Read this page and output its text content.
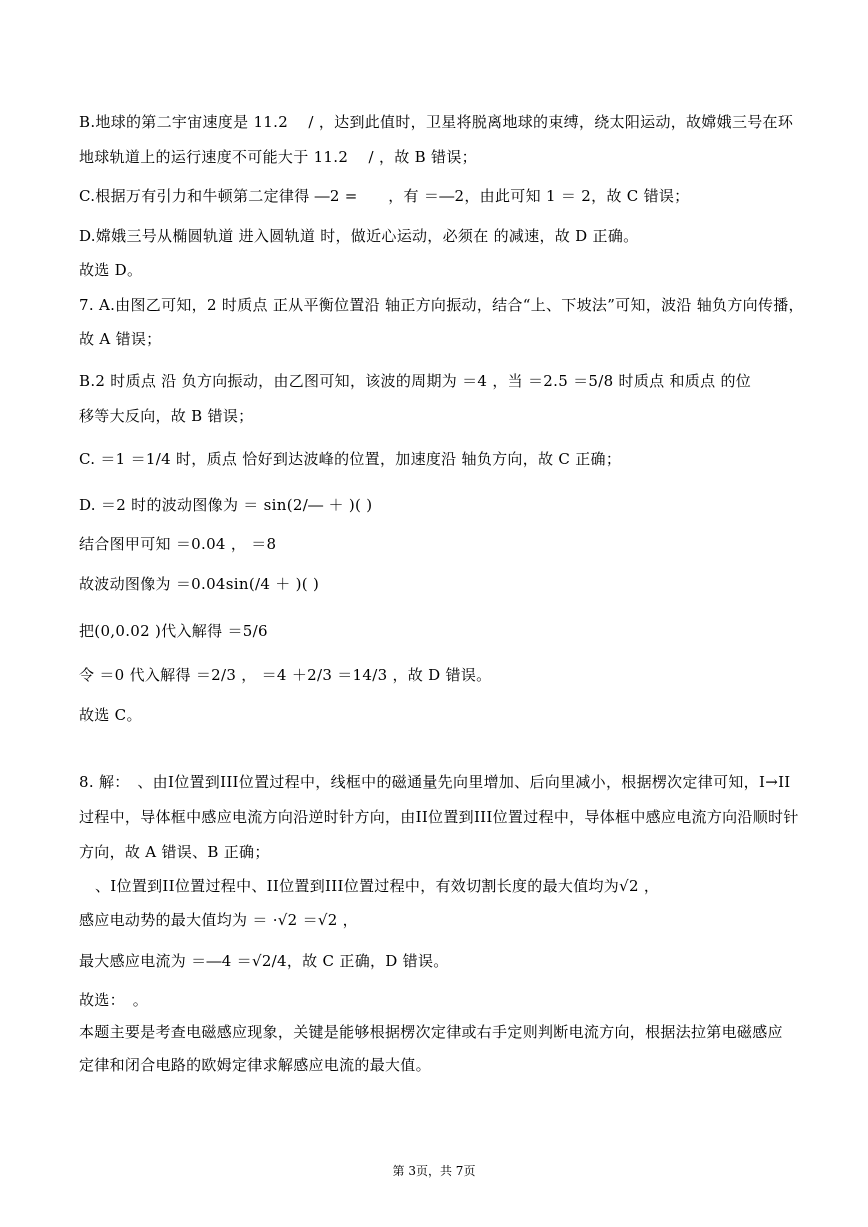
B.地球的第二宇宙速度是 11.2　 / ，达到此值时，卫星将脱离地球的束缚，绕太阳运动，故嫦娥三号在环
地球轨道上的运行速度不可能大于 11.2　 / ，故 B 错误；
C.根据万有引力和牛顿第二定律得 ―2 =　　，有 ＝―2，由此可知 1 ＝ 2，故 C 错误；
D.嫦娥三号从椭圆轨道 进入圆轨道 时，做近心运动，必须在 的减速，故 D 正确。
故选 D。
7. A.由图乙可知，2 时质点 正从平衡位置沿 轴正方向振动，结合“上、下坡法”可知，波沿 轴负方向传播，
故 A 错误；
B.2 时质点 沿 负方向振动，由乙图可知，该波的周期为 ＝4 ，当 ＝2.5 ＝5/8 时质点 和质点 的位
移等大反向，故 B 错误；
C. ＝1 ＝1/4 时，质点 恰好到达波峰的位置，加速度沿 轴负方向，故 C 正确；
D. ＝2 时的波动图像为 ＝ sin(2/― ＋ )( )
结合图甲可知 ＝0.04 ， ＝8
故波动图像为 ＝0.04sin(/4 ＋ )( )
把(0,0.02 )代入解得 ＝5/6
令 ＝0 代入解得 ＝2/3 ， ＝4 ＋2/3 ＝14/3 ，故 D 错误。
故选 C。
8. 解：　、由I位置到III位置过程中，线框中的磁通量先向里增加、后向里减小，根据楞次定律可知，I→II
过程中，导体框中感应电流方向沿逆时针方向，由II位置到III位置过程中，导体框中感应电流方向沿顺时针
方向，故 A 错误、B 正确；
、I位置到II位置过程中、II位置到III位置过程中，有效切割长度的最大值均为√2 ，
感应电动势的最大值均为 ＝ ·√2 ＝√2 ，
最大感应电流为 ＝―4 ＝√2/4，故 C 正确，D 错误。
故选：　。
本题主要是考查电磁感应现象，关键是能够根据楞次定律或右手定则判断电流方向，根据法拉第电磁感应
定律和闭合电路的欧姆定律求解感应电流的最大值。
第 3页，共 7页
